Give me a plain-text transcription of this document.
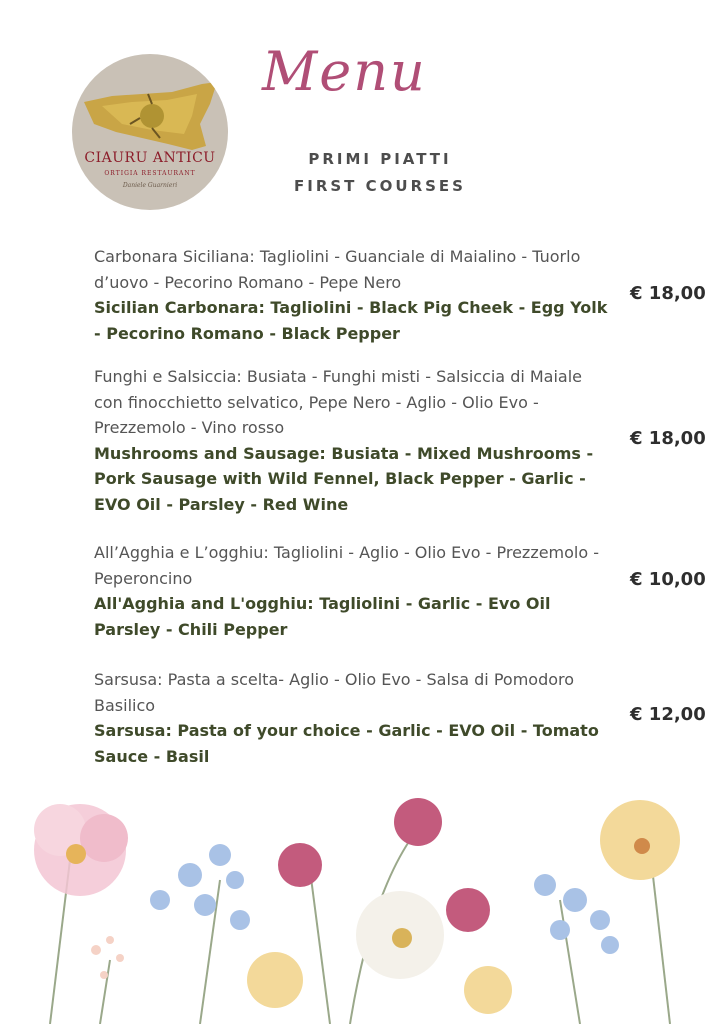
CIAURU ANTICU
ORTIGIA RESTAURANT
Daniele Guarnieri
Menu
PRIMI PIATTI
FIRST COURSES
Carbonara Siciliana: Tagliolini - Guanciale di Maialino - Tuorlo d’uovo - Pecorino Romano - Pepe Nero
Sicilian Carbonara: Tagliolini - Black Pig Cheek - Egg Yolk - Pecorino Romano - Black Pepper
€ 18,00
Funghi e Salsiccia: Busiata - Funghi misti - Salsiccia di Maiale con finocchietto selvatico, Pepe Nero - Aglio - Olio Evo - Prezzemolo - Vino rosso
Mushrooms and Sausage: Busiata - Mixed Mushrooms - Pork Sausage with Wild Fennel, Black Pepper - Garlic - EVO Oil - Parsley - Red Wine
€ 18,00
All’Agghia e L’ogghiu: Tagliolini - Aglio - Olio Evo - Prezzemolo - Peperoncino
All'Agghia and L'ogghiu: Tagliolini - Garlic - Evo Oil Parsley - Chili Pepper
€ 10,00
Sarsusa: Pasta a scelta- Aglio - Olio Evo - Salsa di Pomodoro Basilico
Sarsusa: Pasta of your choice - Garlic - EVO Oil - Tomato Sauce - Basil
€ 12,00
